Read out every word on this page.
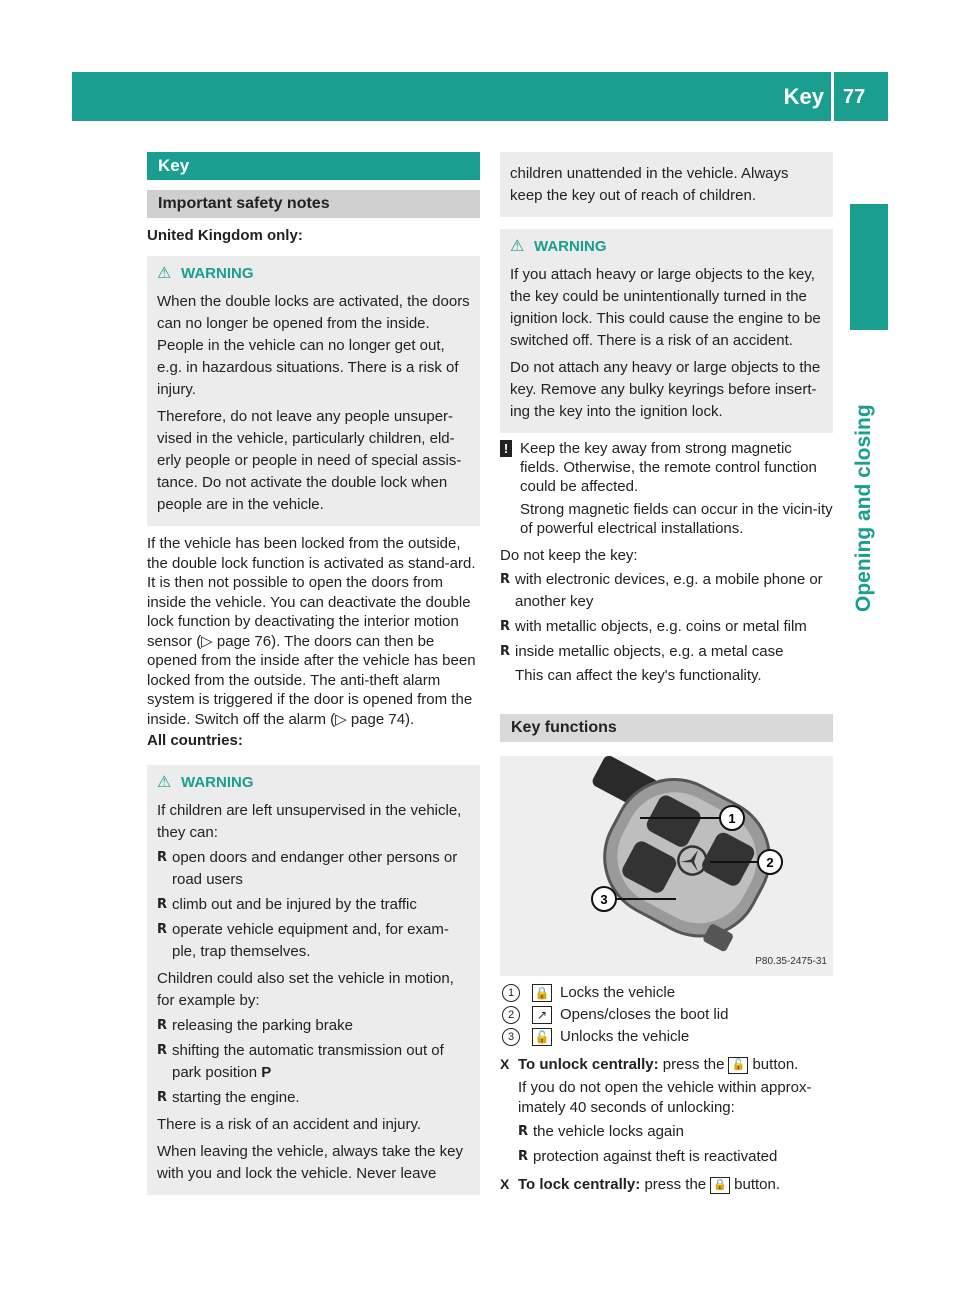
Key 77
Opening and closing
Key
Important safety notes
United Kingdom only:
⚠ WARNING

When the double locks are activated, the doors can no longer be opened from the inside. People in the vehicle can no longer get out, e.g. in hazardous situations. There is a risk of injury.

Therefore, do not leave any people unsuper-vised in the vehicle, particularly children, eld-erly people or people in need of special assis-tance. Do not activate the double lock when people are in the vehicle.

If the vehicle has been locked from the outside, the double lock function is activated as stand-ard. It is then not possible to open the doors from inside the vehicle. You can deactivate the double lock function by deactivating the interior motion sensor (▷ page 76). The doors can then be opened from the inside after the vehicle has been locked from the outside. The anti-theft alarm system is triggered if the door is opened from the inside. Switch off the alarm (▷ page 74).

All countries:
⚠ WARNING

If children are left unsupervised in the vehicle, they can:

R open doors and endanger other persons or road users
R climb out and be injured by the traffic
R operate vehicle equipment and, for exam-ple, trap themselves.

Children could also set the vehicle in motion, for example by:

R releasing the parking brake
R shifting the automatic transmission out of park position P
R starting the engine.

There is a risk of an accident and injury.

When leaving the vehicle, always take the key with you and lock the vehicle. Never leave

children unattended in the vehicle. Always keep the key out of reach of children.

⚠ WARNING

If you attach heavy or large objects to the key, the key could be unintentionally turned in the ignition lock. This could cause the engine to be switched off. There is a risk of an accident.

Do not attach any heavy or large objects to the key. Remove any bulky keyrings before insert-ing the key into the ignition lock.

! Keep the key away from strong magnetic fields. Otherwise, the remote control function could be affected.
Strong magnetic fields can occur in the vicin-ity of powerful electrical installations.
Do not keep the key:
R with electronic devices, e.g. a mobile phone or another key
R with metallic objects, e.g. coins or metal film
R inside metallic objects, e.g. a metal case
This can affect the key's functionality.
Key functions
1
2
3
P80.35-2475-31
1	🔒 Locks the vehicle
2	↗ Opens/closes the boot lid
3	🔓 Unlocks the vehicle
X To unlock centrally: press the 🔓 button.
If you do not open the vehicle within approx-imately 40 seconds of unlocking:
R the vehicle locks again
R protection against theft is reactivated
X To lock centrally: press the 🔒 button.
